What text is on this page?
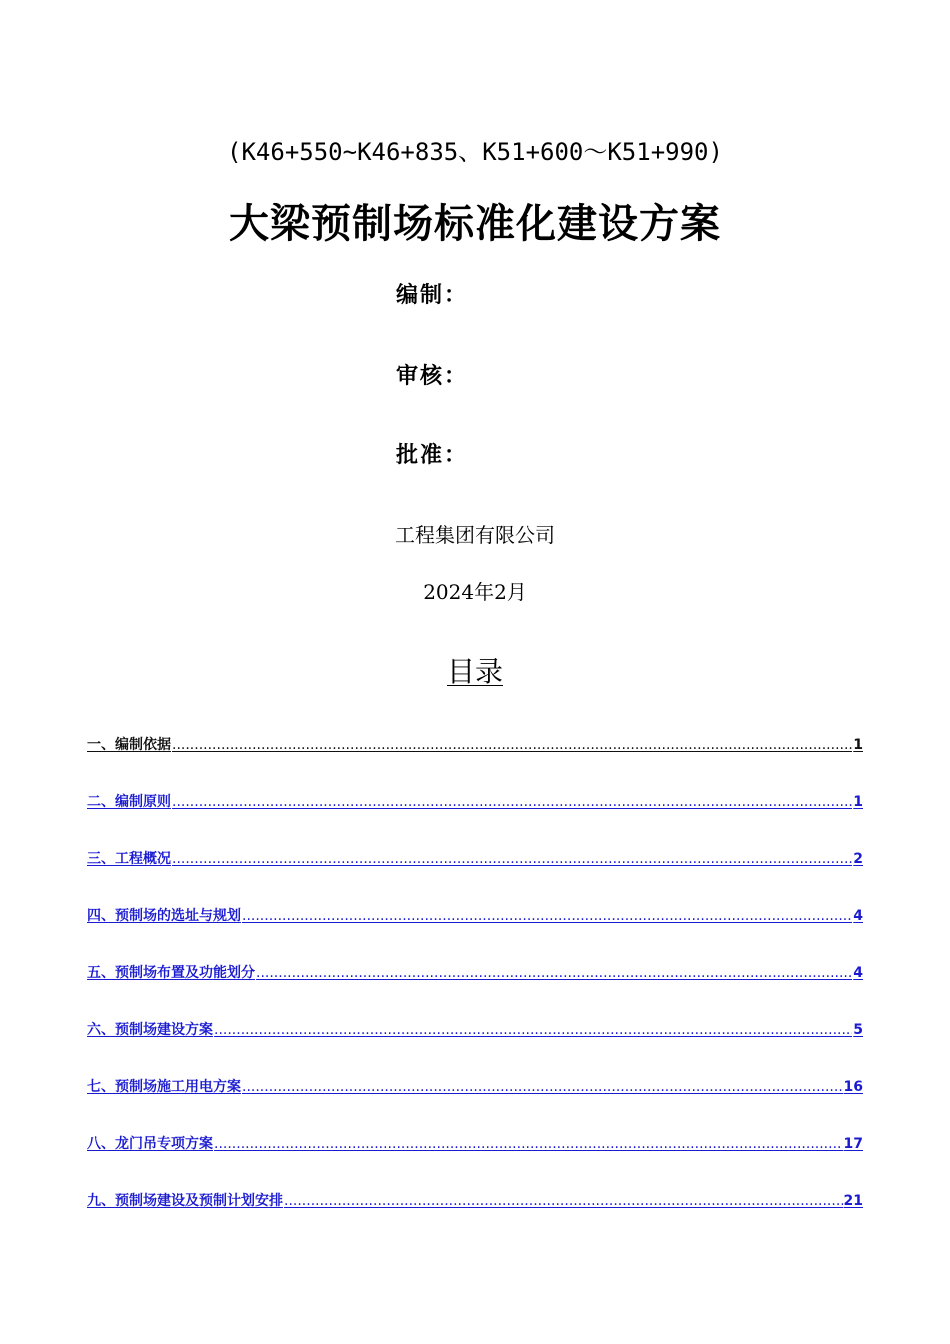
(K46+550~K46+835、K51+600～K51+990)
大梁预制场标准化建设方案
编制：
审核：
批准：
工程集团有限公司
2024年2月
目录
一、编制依据 .....	1
二、编制原则 .....	1
三、工程概况 .....	2
四、预制场的选址与规划 .....	4
五、预制场布置及功能划分 .....	4
六、预制场建设方案 .....	5
七、预制场施工用电方案 .....	16
八、龙门吊专项方案 .....	17
九、预制场建设及预制计划安排 .....	21
